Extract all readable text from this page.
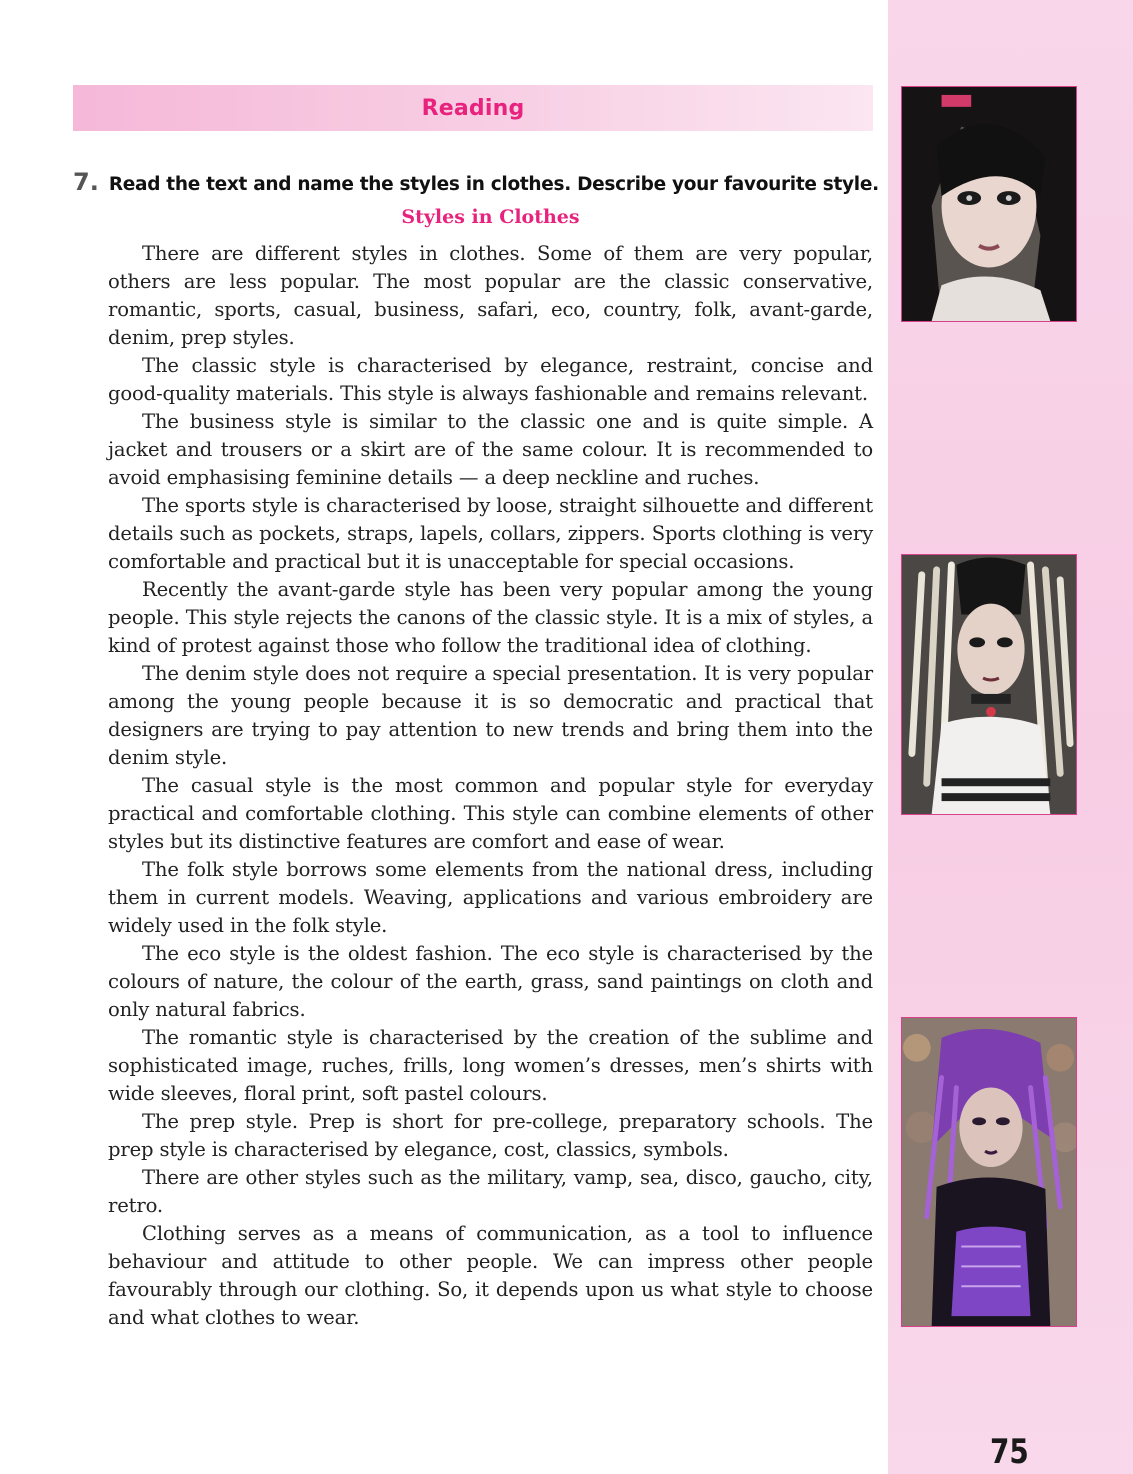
Reading
7. Read the text and name the styles in clothes. Describe your favourite style.
Styles in Clothes

There are different styles in clothes. Some of them are very popular, others are less popular. The most popular are the classic conservative, romantic, sports, casual, business, safari, eco, country, folk, avant-garde, denim, prep styles.

The classic style is characterised by elegance, restraint, concise and good-quality materials. This style is always fashionable and remains relevant.

The business style is similar to the classic one and is quite simple. A jacket and trousers or a skirt are of the same colour. It is recommended to avoid emphasising feminine details — a deep neckline and ruches.

The sports style is characterised by loose, straight silhouette and different details such as pockets, straps, lapels, collars, zippers. Sports clothing is very comfortable and practical but it is unacceptable for special occasions.

Recently the avant-garde style has been very popular among the young people. This style rejects the canons of the classic style. It is a mix of styles, a kind of protest against those who follow the traditional idea of clothing.

The denim style does not require a special presentation. It is very popular among the young people because it is so democratic and practical that designers are trying to pay attention to new trends and bring them into the denim style.

The casual style is the most common and popular style for everyday practical and comfortable clothing. This style can combine elements of other styles but its distinctive features are comfort and ease of wear.

The folk style borrows some elements from the national dress, including them in current models. Weaving, applications and various embroidery are widely used in the folk style.

The eco style is the oldest fashion. The eco style is characterised by the colours of nature, the colour of the earth, grass, sand paintings on cloth and only natural fabrics.

The romantic style is characterised by the creation of the sublime and sophisticated image, ruches, frills, long women’s dresses, men’s shirts with wide sleeves, floral print, soft pastel colours.

The prep style. Prep is short for pre-college, preparatory schools. The prep style is characterised by elegance, cost, classics, symbols.

There are other styles such as the military, vamp, sea, disco, gaucho, city, retro.

Clothing serves as a means of communication, as a tool to influence behaviour and attitude to other people. We can impress other people favourably through our clothing. So, it depends upon us what style to choose and what clothes to wear.

75
